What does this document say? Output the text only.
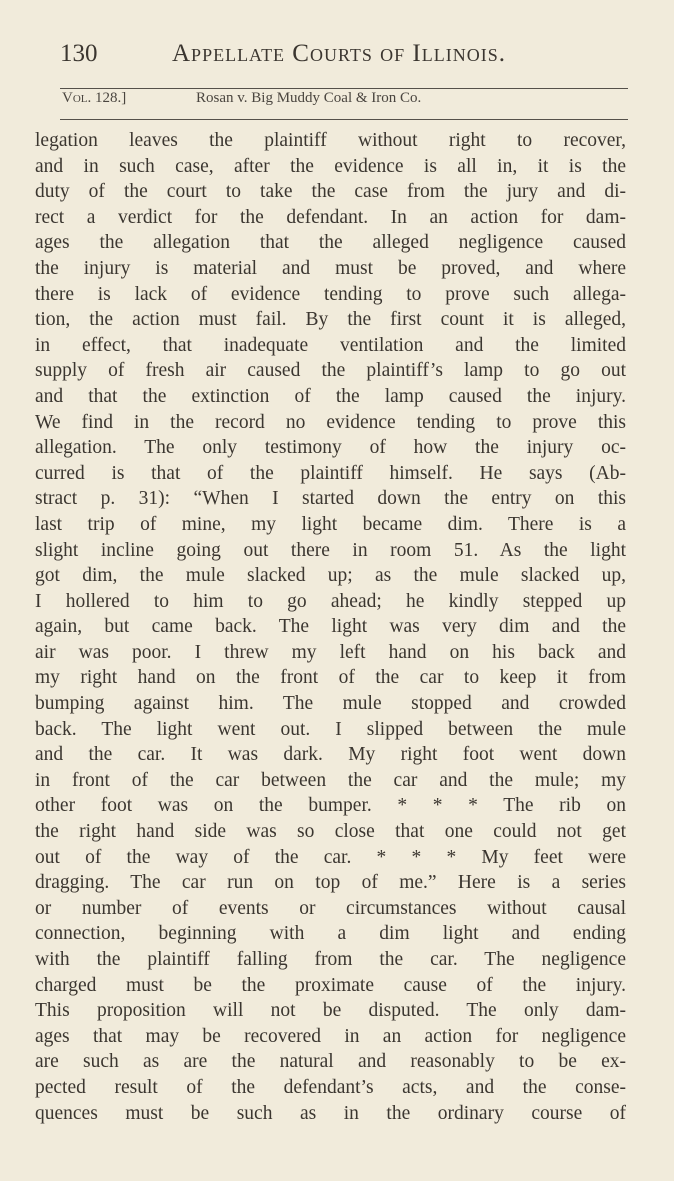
130	Appellate Courts of Illinois.
Vol. 128.]	Rosan v. Big Muddy Coal & Iron Co.
legation leaves the plaintiff without right to recover,
and in such case, after the evidence is all in, it is the
duty of the court to take the case from the jury and di-
rect a verdict for the defendant. In an action for dam-
ages the allegation that the alleged negligence caused
the injury is material and must be proved, and where
there is lack of evidence tending to prove such allega-
tion, the action must fail. By the first count it is alleged,
in effect, that inadequate ventilation and the limited
supply of fresh air caused the plaintiff’s lamp to go out
and that the extinction of the lamp caused the injury.
We find in the record no evidence tending to prove this
allegation. The only testimony of how the injury oc-
curred is that of the plaintiff himself. He says (Ab-
stract p. 31): “When I started down the entry on this
last trip of mine, my light became dim. There is a
slight incline going out there in room 51. As the light
got dim, the mule slacked up; as the mule slacked up,
I hollered to him to go ahead; he kindly stepped up
again, but came back. The light was very dim and the
air was poor. I threw my left hand on his back and
my right hand on the front of the car to keep it from
bumping against him. The mule stopped and crowded
back. The light went out. I slipped between the mule
and the car. It was dark. My right foot went down
in front of the car between the car and the mule; my
other foot was on the bumper. * * * The rib on
the right hand side was so close that one could not get
out of the way of the car. * * * My feet were
dragging. The car run on top of me.” Here is a series
or number of events or circumstances without causal
connection, beginning with a dim light and ending
with the plaintiff falling from the car. The negligence
charged must be the proximate cause of the injury.
This proposition will not be disputed. The only dam-
ages that may be recovered in an action for negligence
are such as are the natural and reasonably to be ex-
pected result of the defendant’s acts, and the conse-
quences must be such as in the ordinary course of
